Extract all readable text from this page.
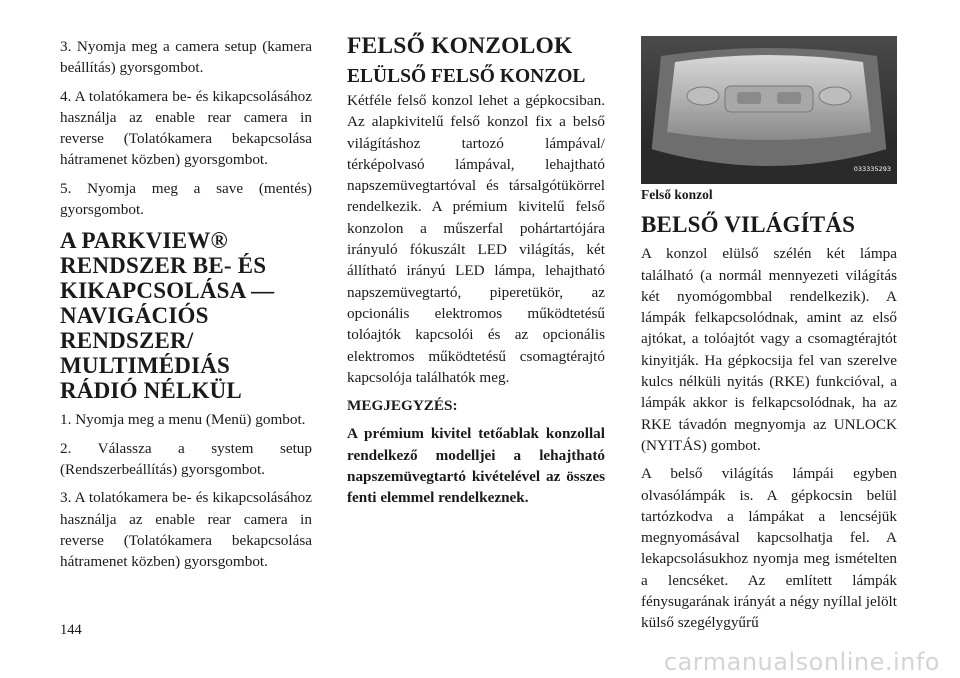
3. Nyomja meg a camera setup (kamera beállítás) gyorsgombot.

4. A tolatókamera be- és kikapcsolásához használja az enable rear camera in reverse (Tolatókamera bekapcsolása hátramenet közben) gyorsgombot.

5. Nyomja meg a save (mentés) gyorsgombot.

A PARKVIEW® RENDSZER BE- ÉS KIKAPCSOLÁSA — NAVIGÁCIÓS RENDSZER/ MULTIMÉDIÁS RÁDIÓ NÉLKÜL

1. Nyomja meg a menu (Menü) gombot.

2. Válassza a system setup (Rendszerbeállítás) gyorsgombot.

3. A tolatókamera be- és kikapcsolásához használja az enable rear camera in reverse (Tolatókamera bekapcsolása hátramenet közben) gyorsgombot.

FELSŐ KONZOLOK
ELÜLSŐ FELSŐ KONZOL

Kétféle felső konzol lehet a gépkocsiban. Az alapkivitelű felső konzol fix a belső világításhoz tartozó lámpával/ térképolvasó lámpával, lehajtható napszemüvegtartóval és társalgótükörrel rendelkezik. A prémium kivitelű felső konzolon a műszerfal pohártartójára irányuló fókuszált LED világítás, két állítható irányú LED lámpa, lehajtható napszemüvegtartó, piperetükör, az opcionális elektromos működtetésű tolóajtók kapcsolói és az opcionális elektromos működtetésű csomagtérajtó kapcsolója találhatók meg.

MEGJEGYZÉS:

A prémium kivitel tetőablak konzollal rendelkező modelljei a lehajtható napszemüvegtartó kivételével az összes fenti elemmel rendelkeznek.

033335293

Felső konzol

BELSŐ VILÁGÍTÁS

A konzol elülső szélén két lámpa található (a normál mennyezeti világítás két nyomógombbal rendelkezik). A lámpák felkapcsolódnak, amint az első ajtókat, a tolóajtót vagy a csomagtérajtót kinyitják. Ha gépkocsija fel van szerelve kulcs nélküli nyitás (RKE) funkcióval, a lámpák akkor is felkapcsolódnak, ha az RKE távadón megnyomja az UNLOCK (NYITÁS) gombot.

A belső világítás lámpái egyben olvasólámpák is. A gépkocsin belül tartózkodva a lámpákat a lencséjük megnyomásával kapcsolhatja fel. A lekapcsolásukhoz nyomja meg ismételten a lencséket. Az említett lámpák fénysugarának irányát a négy nyíllal jelölt külső szegélygyűrű

144
carmanualsonline.info
